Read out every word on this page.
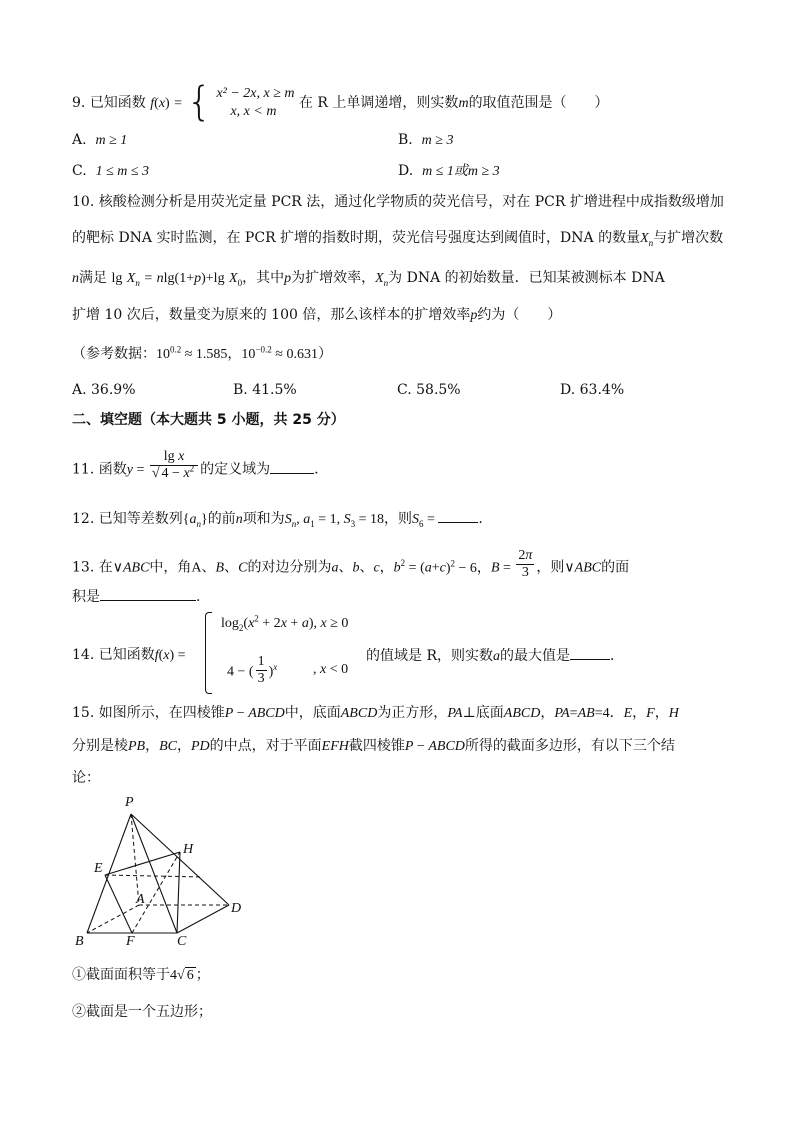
9. 已知函数 f(x) = { x² − 2x, x ≥ m
x, x < m
在 R 上单调递增，则实数m的取值范围是（　　）
A. m ≥ 1	B. m ≥ 3
C. 1 ≤ m ≤ 3	D. m ≤ 1或m ≥ 3
10. 核酸检测分析是用荧光定量 PCR 法，通过化学物质的荧光信号，对在 PCR 扩增进程中成指数级增加
的靶标 DNA 实时监测，在 PCR 扩增的指数时期，荧光信号强度达到阈值时，DNA 的数量$X_n$与扩增次数
n满足 $\lg X_n = nlg(1+p)+\lg$ $X_0$，其中p为扩增效率，$X_n$为 DNA 的初始数量．已知某被测标本 DNA
扩增 10 次后，数量变为原来的 100 倍，那么该样本的扩增效率p约为（　　）
（参考数据：$10^{0.2} \approx 1.585$，$10^{-0.2} \approx 0.631$）
A. 36.9%	B. 41.5%	C. 58.5%	D. 63.4%
二、填空题（本大题共 5 小题，共 25 分）
11. 函数$y = \frac{\text{lg x}}{√ 4 - x^2}$ 的定义域为	.
12. 已知等差数列$\{a_n\}$的前n项和为$S_n$, $a_1 = 1$, $S_3 = 18$，则$S_6$ =	.
13. 在∨ABC中，角A、B、C的对边分别为a、b、c，$b^2 = (a+c)^2 - 6$，$B = \frac{2\pi}{3}$ ，则∨ABC的面
积是	.
14. 已知函数f(x) =
$\log_2(x^2 + 2x + a)$, x ≥ 0
4 − ( $\frac{1}{3} )^x$	, x < 0
的值域是 R，则实数a的最大值是	．
15. 如图所示，在四棱锥P − ABCD中，底面ABCD为正方形，PA⊥底面ABCD，PA=AB=4．E，F，H
分别是棱PB，BC，PD的中点，对于平面EFH截四棱锥P − ABCD所得的截面多边形，有以下三个结
论：
P
H
E
A
D
B	F	C
①截面面积等于4√ 6 ；
②截面是一个五边形；
